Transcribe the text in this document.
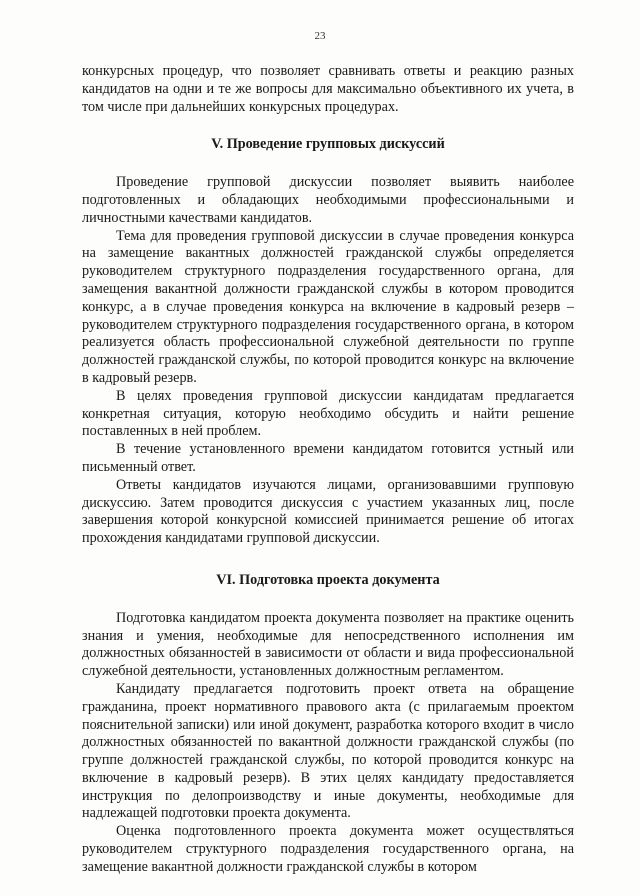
23

конкурсных процедур, что позволяет сравнивать ответы и реакцию разных кандидатов на одни и те же вопросы для максимально объективного их учета, в том числе при дальнейших конкурсных процедурах.

V. Проведение групповых дискуссий

Проведение групповой дискуссии позволяет выявить наиболее подготовленных и обладающих необходимыми профессиональными и личностными качествами кандидатов.

Тема для проведения групповой дискуссии в случае проведения конкурса на замещение вакантных должностей гражданской службы определяется руководителем структурного подразделения государственного органа, для замещения вакантной должности гражданской службы в котором проводится конкурс, а в случае проведения конкурса на включение в кадровый резерв – руководителем структурного подразделения государственного органа, в котором реализуется область профессиональной служебной деятельности по группе должностей гражданской службы, по которой проводится конкурс на включение в кадровый резерв.

В целях проведения групповой дискуссии кандидатам предлагается конкретная ситуация, которую необходимо обсудить и найти решение поставленных в ней проблем.

В течение установленного времени кандидатом готовится устный или письменный ответ.

Ответы кандидатов изучаются лицами, организовавшими групповую дискуссию. Затем проводится дискуссия с участием указанных лиц, после завершения которой конкурсной комиссией принимается решение об итогах прохождения кандидатами групповой дискуссии.

VI. Подготовка проекта документа

Подготовка кандидатом проекта документа позволяет на практике оценить знания и умения, необходимые для непосредственного исполнения им должностных обязанностей в зависимости от области и вида профессиональной служебной деятельности, установленных должностным регламентом.

Кандидату предлагается подготовить проект ответа на обращение гражданина, проект нормативного правового акта (с прилагаемым проектом пояснительной записки) или иной документ, разработка которого входит в число должностных обязанностей по вакантной должности гражданской службы (по группе должностей гражданской службы, по которой проводится конкурс на включение в кадровый резерв). В этих целях кандидату предоставляется инструкция по делопроизводству и иные документы, необходимые для надлежащей подготовки проекта документа.

Оценка подготовленного проекта документа может осуществляться руководителем структурного подразделения государственного органа, на замещение вакантной должности гражданской службы в котором
